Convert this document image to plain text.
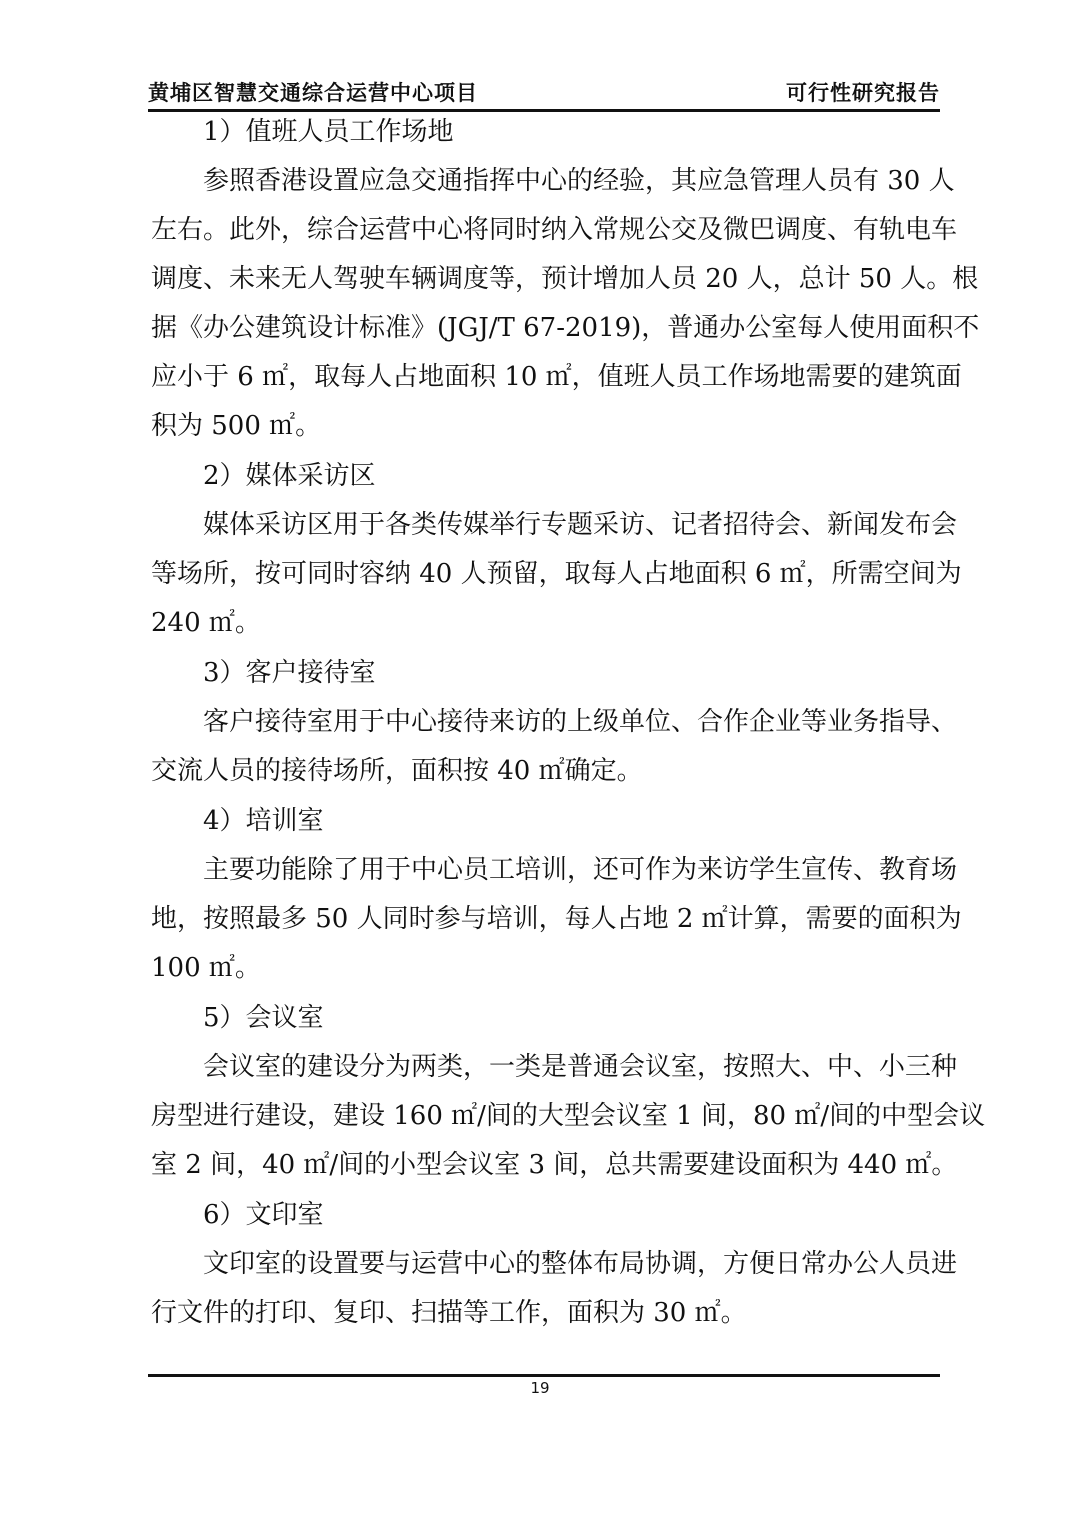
黄埔区智慧交通综合运营中心项目	可行性研究报告
1）值班人员工作场地
参照香港设置应急交通指挥中心的经验，其应急管理人员有 30 人
左右。此外，综合运营中心将同时纳入常规公交及微巴调度、有轨电车
调度、未来无人驾驶车辆调度等，预计增加人员 20 人，总计 50 人。根
据《办公建筑设计标准》(JGJ/T 67-2019)，普通办公室每人使用面积不
应小于 6 ㎡，取每人占地面积 10 ㎡，值班人员工作场地需要的建筑面
积为 500 ㎡。
2）媒体采访区
媒体采访区用于各类传媒举行专题采访、记者招待会、新闻发布会
等场所，按可同时容纳 40 人预留，取每人占地面积 6 ㎡，所需空间为
240 ㎡。
3）客户接待室
客户接待室用于中心接待来访的上级单位、合作企业等业务指导、
交流人员的接待场所，面积按 40 ㎡确定。
4）培训室
主要功能除了用于中心员工培训，还可作为来访学生宣传、教育场
地，按照最多 50 人同时参与培训，每人占地 2 ㎡计算，需要的面积为
100 ㎡。
5）会议室
会议室的建设分为两类，一类是普通会议室，按照大、中、小三种
房型进行建设，建设 160 ㎡/间的大型会议室 1 间，80 ㎡/间的中型会议
室 2 间，40 ㎡/间的小型会议室 3 间，总共需要建设面积为 440 ㎡。
6）文印室
文印室的设置要与运营中心的整体布局协调，方便日常办公人员进
行文件的打印、复印、扫描等工作，面积为 30 ㎡。
19
